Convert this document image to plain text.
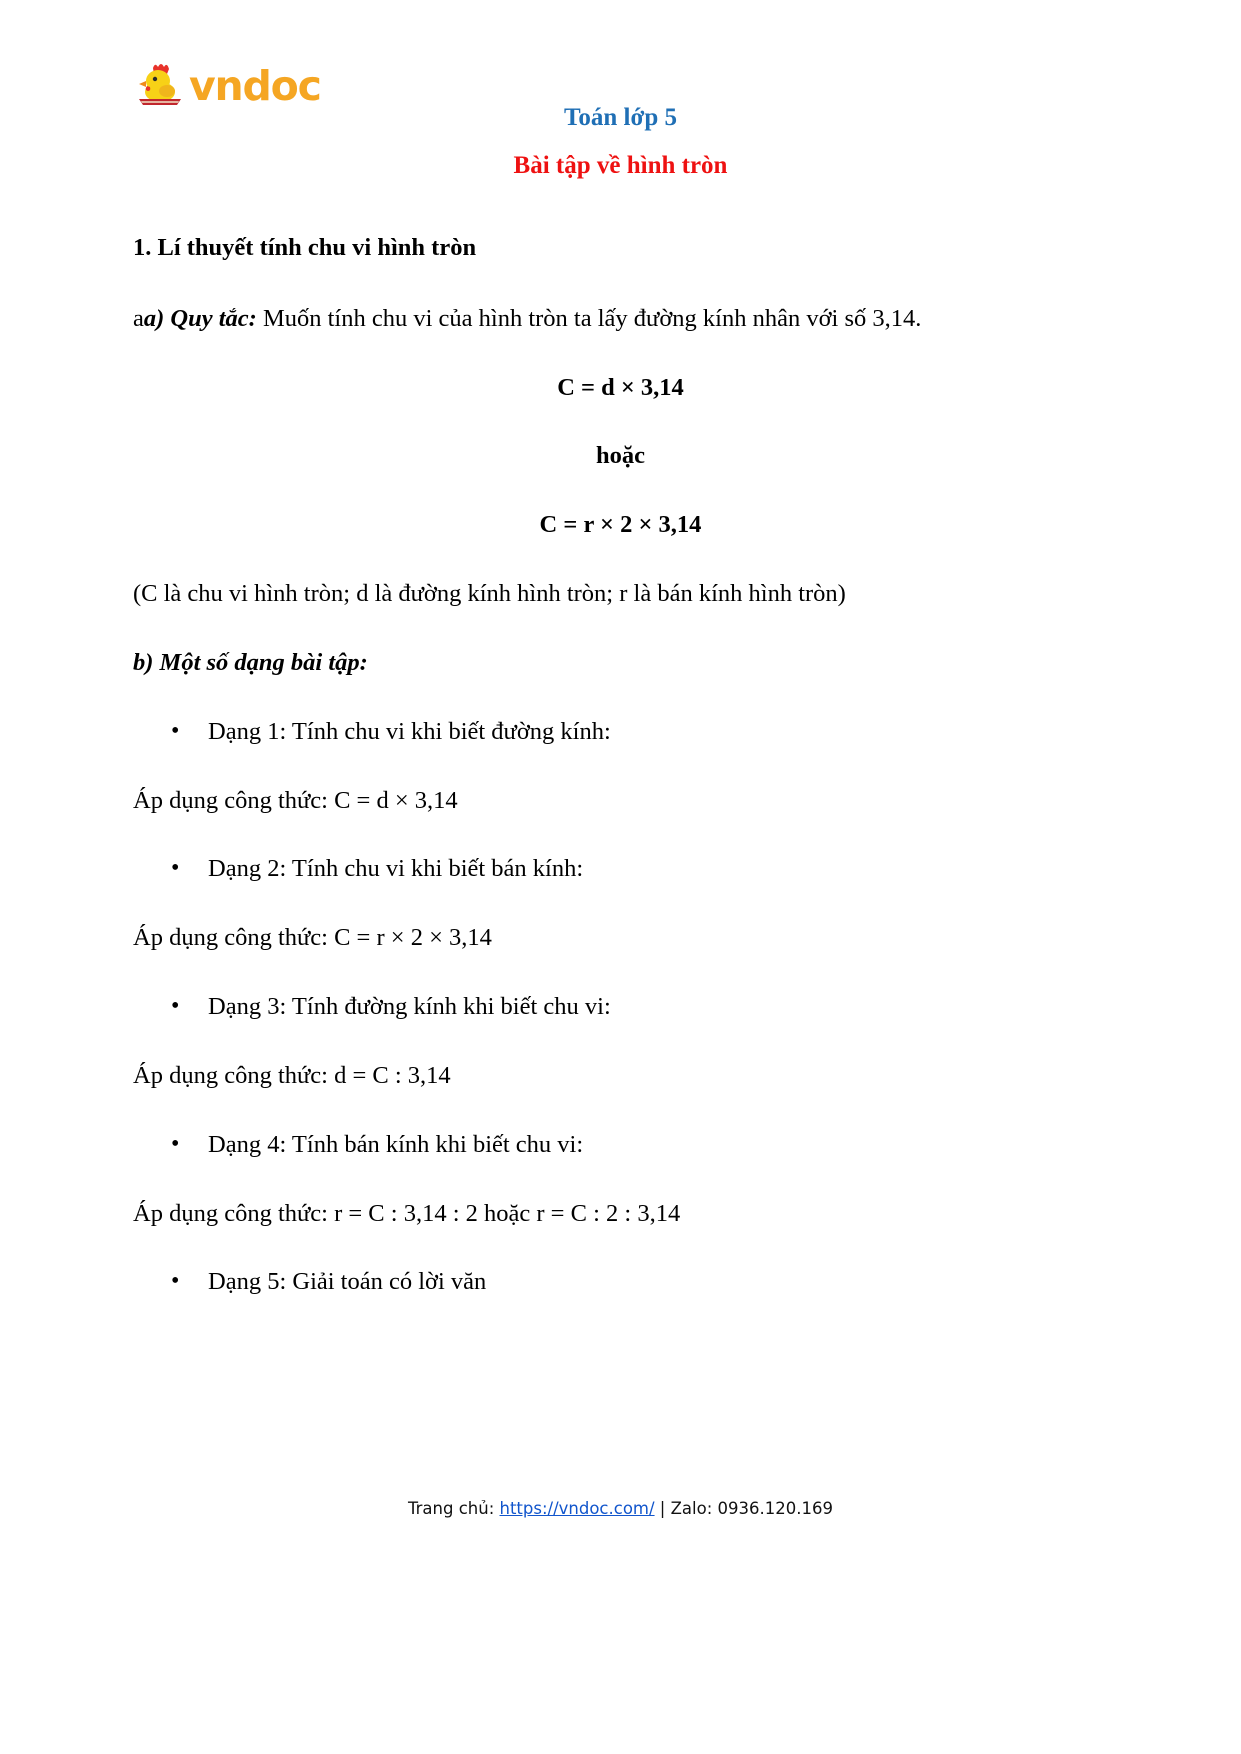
vndoc
Toán lớp 5
Bài tập về hình tròn
1. Lí thuyết tính chu vi hình tròn
aa) Quy tắc: Muốn tính chu vi của hình tròn ta lấy đường kính nhân với số 3,14.
C = d × 3,14
hoặc
C = r × 2 × 3,14
(C là chu vi hình tròn; d là đường kính hình tròn; r là bán kính hình tròn)
b) Một số dạng bài tập:
• Dạng 1: Tính chu vi khi biết đường kính:
Áp dụng công thức: C = d × 3,14
• Dạng 2: Tính chu vi khi biết bán kính:
Áp dụng công thức: C = r × 2 × 3,14
• Dạng 3: Tính đường kính khi biết chu vi:
Áp dụng công thức: d = C : 3,14
• Dạng 4: Tính bán kính khi biết chu vi:
Áp dụng công thức: r = C : 3,14 : 2 hoặc r = C : 2 : 3,14
• Dạng 5: Giải toán có lời văn
Trang chủ: https://vndoc.com/ | Zalo: 0936.120.169
